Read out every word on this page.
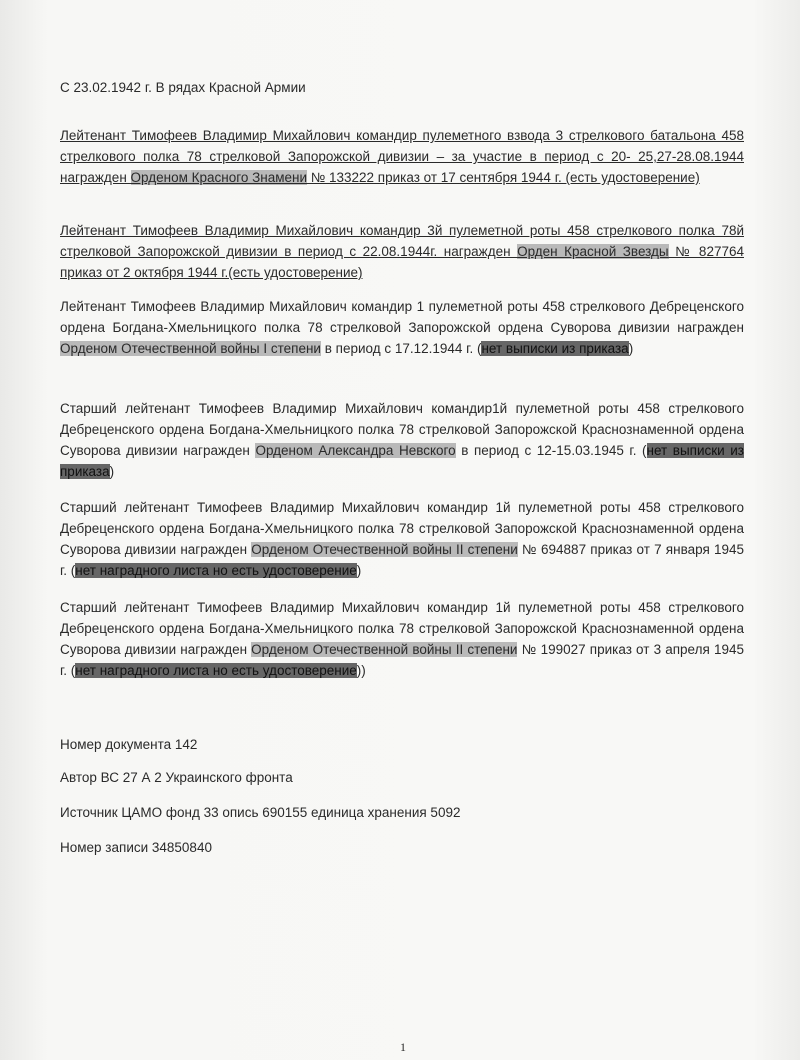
С 23.02.1942 г. В рядах Красной Армии
Лейтенант Тимофеев Владимир Михайлович командир пулеметного взвода 3 стрелкового батальона 458 стрелкового полка 78 стрелковой Запорожской дивизии – за участие в период с 20- 25,27-28.08.1944 награжден Орденом Красного Знамени № 133222 приказ от 17 сентября 1944 г. (есть удостоверение)
Лейтенант Тимофеев Владимир Михайлович командир 3й пулеметной роты 458 стрелкового полка 78й стрелковой Запорожской дивизии в период с 22.08.1944г. награжден Орден Красной Звезды № 827764 приказ от 2 октября 1944 г.(есть удостоверение)
Лейтенант Тимофеев Владимир Михайлович командир 1 пулеметной роты 458 стрелкового Дебреценского ордена Богдана-Хмельницкого полка 78 стрелковой Запорожской ордена Суворова дивизии награжден Орденом Отечественной войны I степени в период с 17.12.1944 г. (нет выписки из приказа)
Старший лейтенант Тимофеев Владимир Михайлович командир1й пулеметной роты 458 стрелкового Дебреценского ордена Богдана-Хмельницкого полка 78 стрелковой Запорожской Краснознаменной ордена Суворова дивизии награжден Орденом Александра Невского в период с 12-15.03.1945 г. (нет выписки из приказа)
Старший лейтенант Тимофеев Владимир Михайлович командир 1й пулеметной роты 458 стрелкового Дебреценского ордена Богдана-Хмельницкого полка 78 стрелковой Запорожской Краснознаменной ордена Суворова дивизии награжден Орденом Отечественной войны II степени № 694887 приказ от 7 января 1945 г. (нет наградного листа но есть удостоверение)
Старший лейтенант Тимофеев Владимир Михайлович командир 1й пулеметной роты 458 стрелкового Дебреценского ордена Богдана-Хмельницкого полка 78 стрелковой Запорожской Краснознаменной ордена Суворова дивизии награжден Орденом Отечественной войны II степени № 199027 приказ от 3 апреля 1945 г. (нет наградного листа но есть удостоверение))
Номер документа 142
Автор ВС 27 А 2 Украинского фронта
Источник ЦАМО фонд 33 опись 690155 единица хранения 5092
Номер записи 34850840
1
